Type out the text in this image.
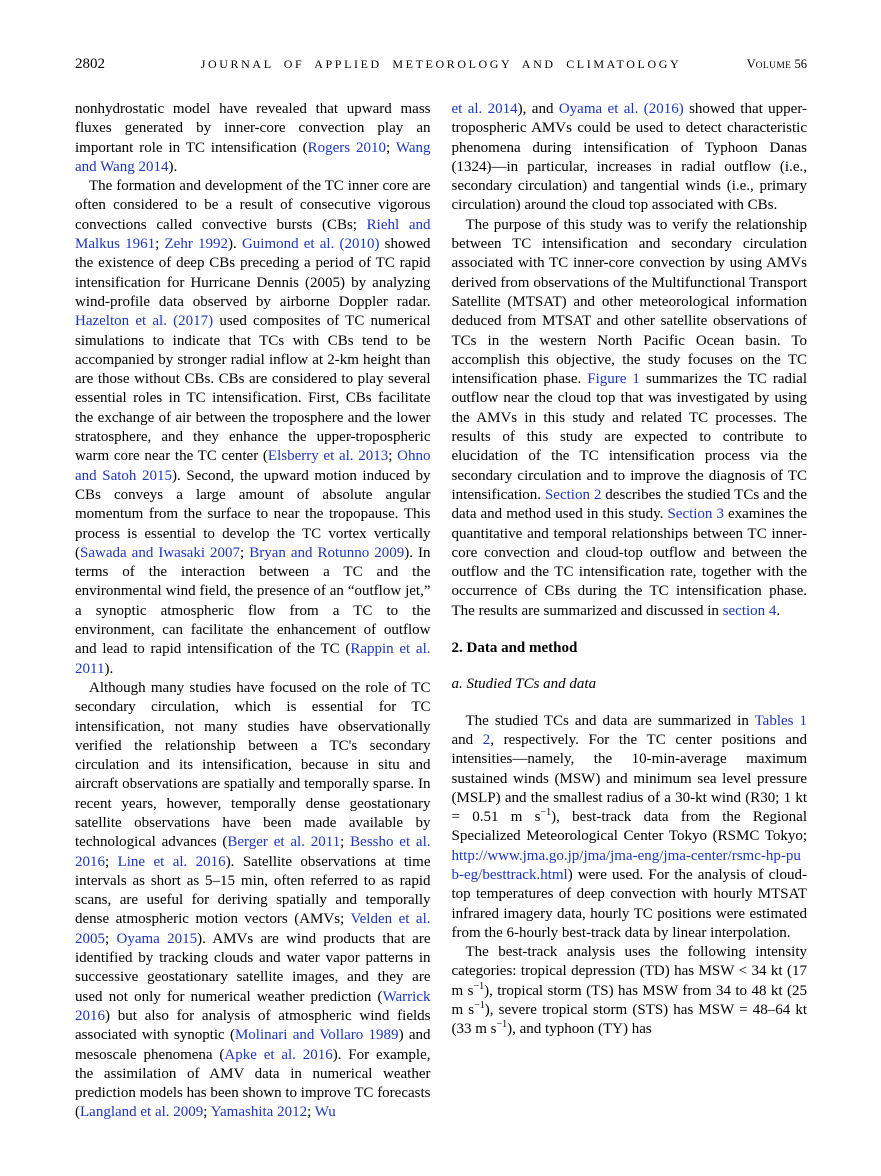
2802	JOURNAL OF APPLIED METEOROLOGY AND CLIMATOLOGY	VOLUME 56

nonhydrostatic model have revealed that upward mass fluxes generated by inner-core convection play an important role in TC intensification (Rogers 2010; Wang and Wang 2014).

The formation and development of the TC inner core are often considered to be a result of consecutive vigorous convections called convective bursts (CBs; Riehl and Malkus 1961; Zehr 1992). Guimond et al. (2010) showed the existence of deep CBs preceding a period of TC rapid intensification for Hurricane Dennis (2005) by analyzing wind-profile data observed by airborne Doppler radar. Hazelton et al. (2017) used composites of TC numerical simulations to indicate that TCs with CBs tend to be accompanied by stronger radial inflow at 2-km height than are those without CBs. CBs are considered to play several essential roles in TC intensification. First, CBs facilitate the exchange of air between the troposphere and the lower stratosphere, and they enhance the upper-tropospheric warm core near the TC center (Elsberry et al. 2013; Ohno and Satoh 2015). Second, the upward motion induced by CBs conveys a large amount of absolute angular momentum from the surface to near the tropopause. This process is essential to develop the TC vortex vertically (Sawada and Iwasaki 2007; Bryan and Rotunno 2009). In terms of the interaction between a TC and the environmental wind field, the presence of an “outflow jet,” a synoptic atmospheric flow from a TC to the environment, can facilitate the enhancement of outflow and lead to rapid intensification of the TC (Rappin et al. 2011).

Although many studies have focused on the role of TC secondary circulation, which is essential for TC intensification, not many studies have observationally verified the relationship between a TC's secondary circulation and its intensification, because in situ and aircraft observations are spatially and temporally sparse. In recent years, however, temporally dense geostationary satellite observations have been made available by technological advances (Berger et al. 2011; Bessho et al. 2016; Line et al. 2016). Satellite observations at time intervals as short as 5–15 min, often referred to as rapid scans, are useful for deriving spatially and temporally dense atmospheric motion vectors (AMVs; Velden et al. 2005; Oyama 2015). AMVs are wind products that are identified by tracking clouds and water vapor patterns in successive geostationary satellite images, and they are used not only for numerical weather prediction (Warrick 2016) but also for analysis of atmospheric wind fields associated with synoptic (Molinari and Vollaro 1989) and mesoscale phenomena (Apke et al. 2016). For example, the assimilation of AMV data in numerical weather prediction models has been shown to improve TC forecasts (Langland et al. 2009; Yamashita 2012; Wu

et al. 2014), and Oyama et al. (2016) showed that upper-tropospheric AMVs could be used to detect characteristic phenomena during intensification of Typhoon Danas (1324)—in particular, increases in radial outflow (i.e., secondary circulation) and tangential winds (i.e., primary circulation) around the cloud top associated with CBs.

The purpose of this study was to verify the relationship between TC intensification and secondary circulation associated with TC inner-core convection by using AMVs derived from observations of the Multifunctional Transport Satellite (MTSAT) and other meteorological information deduced from MTSAT and other satellite observations of TCs in the western North Pacific Ocean basin. To accomplish this objective, the study focuses on the TC intensification phase. Figure 1 summarizes the TC radial outflow near the cloud top that was investigated by using the AMVs in this study and related TC processes. The results of this study are expected to contribute to elucidation of the TC intensification process via the secondary circulation and to improve the diagnosis of TC intensification. Section 2 describes the studied TCs and the data and method used in this study. Section 3 examines the quantitative and temporal relationships between TC inner-core convection and cloud-top outflow and between the outflow and the TC intensification rate, together with the occurrence of CBs during the TC intensification phase. The results are summarized and discussed in section 4.

2. Data and method
a. Studied TCs and data

The studied TCs and data are summarized in Tables 1 and 2, respectively. For the TC center positions and intensities—namely, the 10-min-average maximum sustained winds (MSW) and minimum sea level pressure (MSLP) and the smallest radius of a 30-kt wind (R30; 1 kt = 0.51 m $s^{-1}$), best-track data from the Regional Specialized Meteorological Center Tokyo (RSMC Tokyo; http://www.jma.go.jp/jma/jma-eng/jma-center/rsmc-hp-pub-eg/besttrack.html) were used. For the analysis of cloud-top temperatures of deep convection with hourly MTSAT infrared imagery data, hourly TC positions were estimated from the 6-hourly best-track data by linear interpolation.

The best-track analysis uses the following intensity categories: tropical depression (TD) has MSW < 34 kt (17 m $s^{-1}$), tropical storm (TS) has MSW from 34 to 48 kt (25 m $s^{-1}$), severe tropical storm (STS) has MSW = 48–64 kt (33 m $s^{-1}$), and typhoon (TY) has
